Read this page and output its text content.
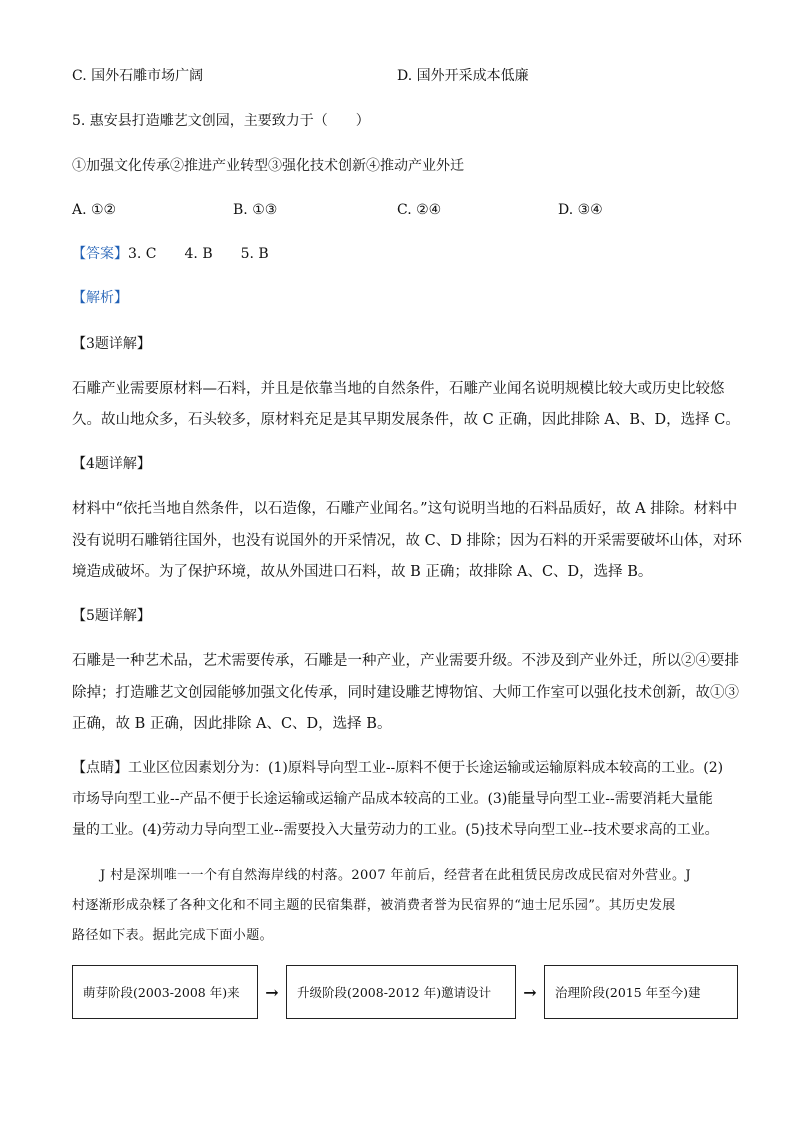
C. 国外石雕市场广阔	D. 国外开采成本低廉
5. 惠安县打造雕艺文创园，主要致力于（　　）
①加强文化传承②推进产业转型③强化技术创新④推动产业外迁
A. ①②	B. ①③	C. ②④	D. ③④
【答案】3. C　　4. B　　5. B
【解析】
【3题详解】
石雕产业需要原材料—石料，并且是依靠当地的自然条件，石雕产业闻名说明规模比较大或历史比较悠
久。故山地众多，石头较多，原材料充足是其早期发展条件，故 C 正确，因此排除 A、B、D，选择 C。
【4题详解】
材料中“依托当地自然条件，以石造像，石雕产业闻名。”这句说明当地的石料品质好，故 A 排除。材料中
没有说明石雕销往国外，也没有说国外的开采情况，故 C、D 排除；因为石料的开采需要破坏山体，对环
境造成破坏。为了保护环境，故从外国进口石料，故 B 正确；故排除 A、C、D，选择 B。
【5题详解】
石雕是一种艺术品，艺术需要传承，石雕是一种产业，产业需要升级。不涉及到产业外迁，所以②④要排
除掉；打造雕艺文创园能够加强文化传承，同时建设雕艺博物馆、大师工作室可以强化技术创新，故①③
正确，故 B 正确，因此排除 A、C、D，选择 B。
【点睛】工业区位因素划分为：(1)原料导向型工业--原料不便于长途运输或运输原料成本较高的工业。(2)
市场导向型工业--产品不便于长途运输或运输产品成本较高的工业。(3)能量导向型工业--需要消耗大量能
量的工业。(4)劳动力导向型工业--需要投入大量劳动力的工业。(5)技术导向型工业--技术要求高的工业。
J 村是深圳唯一一个有自然海岸线的村落。2007 年前后，经营者在此租赁民房改成民宿对外营业。J
村逐渐形成杂糅了各种文化和不同主题的民宿集群，被消费者誉为民宿界的“迪士尼乐园”。其历史发展
路径如下表。据此完成下面小题。
萌芽阶段(2003-2008 年)来	→	升级阶段(2008-2012 年)邀请设计	→	治理阶段(2015 年至今)建
